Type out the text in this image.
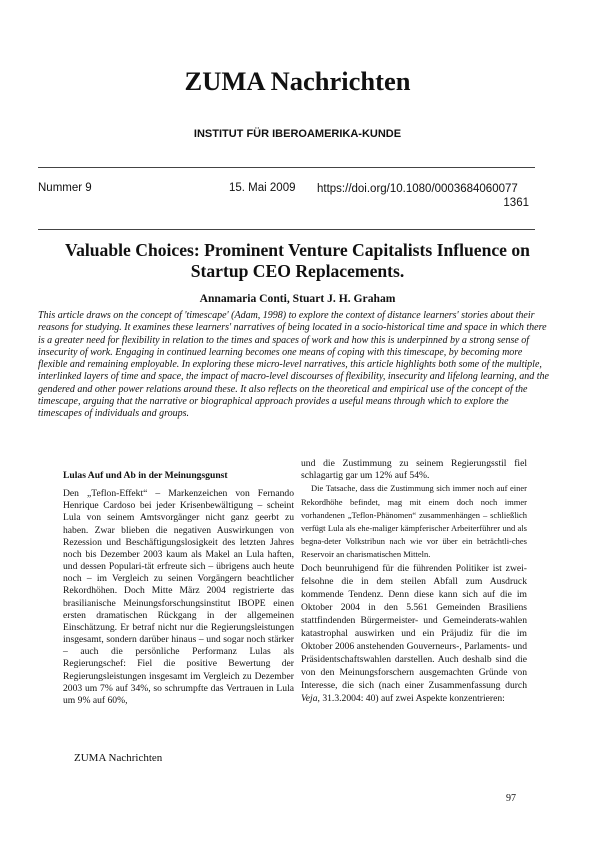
ZUMA Nachrichten
INSTITUT FÜR IBEROAMERIKA-KUNDE
Nummer 9	15. Mai 2009 https://doi.org/10.1080/0003684060077
1361
Valuable Choices: Prominent Venture Capitalists Influence on Startup CEO Replacements.
Annamaria Conti, Stuart J. H. Graham
This article draws on the concept of 'timescape' (Adam, 1998) to explore the context of distance learners' stories about their reasons for studying. It examines these learners' narratives of being located in a socio-historical time and space in which there is a greater need for flexibility in relation to the times and spaces of work and how this is underpinned by a strong sense of insecurity of work. Engaging in continued learning becomes one means of coping with this timescape, by becoming more flexible and remaining employable. In exploring these micro-level narratives, this article highlights both some of the multiple, interlinked layers of time and space, the impact of macro-level discourses of flexibility, insecurity and lifelong learning, and the gendered and other power relations around these. It also reflects on the theoretical and empirical use of the concept of the timescape, arguing that the narrative or biographical approach provides a useful means through which to explore the timescapes of individuals and groups.
Lulas Auf und Ab in der Meinungsgunst

Den „Teflon-Effekt“ – Markenzeichen von Fernando Henrique Cardoso bei jeder Krisenbewältigung – scheint Lula von seinem Amtsvorgänger nicht ganz geerbt zu haben. Zwar blieben die negativen Auswirkungen von Rezession und Beschäftigungslosigkeit des letzten Jahres noch bis Dezember 2003 kaum als Makel an Lula haften, und dessen Populari-tät erfreute sich – übrigens auch heute noch – im Vergleich zu seinen Vorgängern beachtlicher Rekordhöhen. Doch Mitte März 2004 registrierte das brasilianische Meinungsforschungsinstitut IBOPE einen ersten dramatischen Rückgang in der allgemeinen Einschätzung. Er betraf nicht nur die Regierungsleistungen insgesamt, sondern darüber hinaus – und sogar noch stärker – auch die persönliche Performanz Lulas als Regierungschef: Fiel die positive Bewertung der Regierungsleistungen insgesamt im Vergleich zu Dezember 2003 um 7% auf 34%, so schrumpfte das Vertrauen in Lula um 9% auf 60%,

und die Zustimmung zu seinem Regierungsstil fiel schlagartig gar um 12% auf 54%.

Die Tatsache, dass die Zustimmung sich immer noch auf einer Rekordhöhe befindet, mag mit einem doch noch immer vorhandenen „Teflon-Phänomen“ zusammenhängen – schließlich verfügt Lula als ehe-maliger kämpferischer Arbeiterführer und als begna-deter Volkstribun nach wie vor über ein beträchtli-ches Reservoir an charismatischen Mitteln.

Doch beunruhigend für die führenden Politiker ist zwei-felsohne die in dem steilen Abfall zum Ausdruck kommende Tendenz. Denn diese kann sich auf die im Oktober 2004 in den 5.561 Gemeinden Brasiliens stattfindenden Bürgermeister- und Gemeinderats-wahlen katastrophal auswirken und ein Präjudiz für die im Oktober 2006 anstehenden Gouverneurs-, Parlaments- und Präsidentschaftswahlen darstellen. Auch deshalb sind die von den Meinungsforschern ausgemachten Gründe von Interesse, die sich (nach einer Zusammenfassung durch Veja, 31.3.2004: 40) auf zwei Aspekte konzentrieren:

ZUMA Nachrichten
97
